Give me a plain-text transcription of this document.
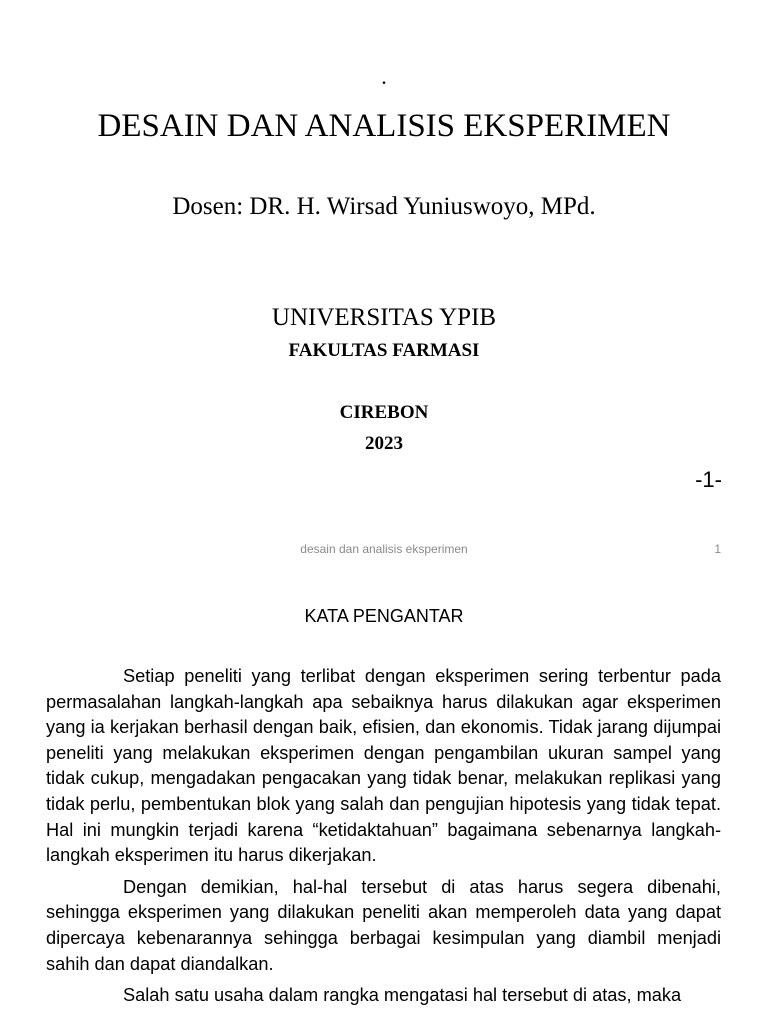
.
DESAIN DAN ANALISIS EKSPERIMEN
Dosen: DR. H. Wirsad Yuniuswoyo, MPd.
UNIVERSITAS YPIB
FAKULTAS FARMASI
CIREBON
2023
-1-
desain dan analisis eksperimen	1
KATA PENGANTAR

Setiap peneliti yang terlibat dengan eksperimen sering terbentur pada permasalahan langkah-langkah apa sebaiknya harus dilakukan agar eksperimen yang ia kerjakan berhasil dengan baik, efisien, dan ekonomis. Tidak jarang dijumpai peneliti yang melakukan eksperimen dengan pengambilan ukuran sampel yang tidak cukup, mengadakan pengacakan yang tidak benar, melakukan replikasi yang tidak perlu, pembentukan blok yang salah dan pengujian hipotesis yang tidak tepat. Hal ini mungkin terjadi karena “ketidaktahuan” bagaimana sebenarnya langkah-langkah eksperimen itu harus dikerjakan.

Dengan demikian, hal-hal tersebut di atas harus segera dibenahi, sehingga eksperimen yang dilakukan peneliti akan memperoleh data yang dapat dipercaya kebenarannya sehingga berbagai kesimpulan yang diambil menjadi sahih dan dapat diandalkan.

Salah satu usaha dalam rangka mengatasi hal tersebut di atas, maka
